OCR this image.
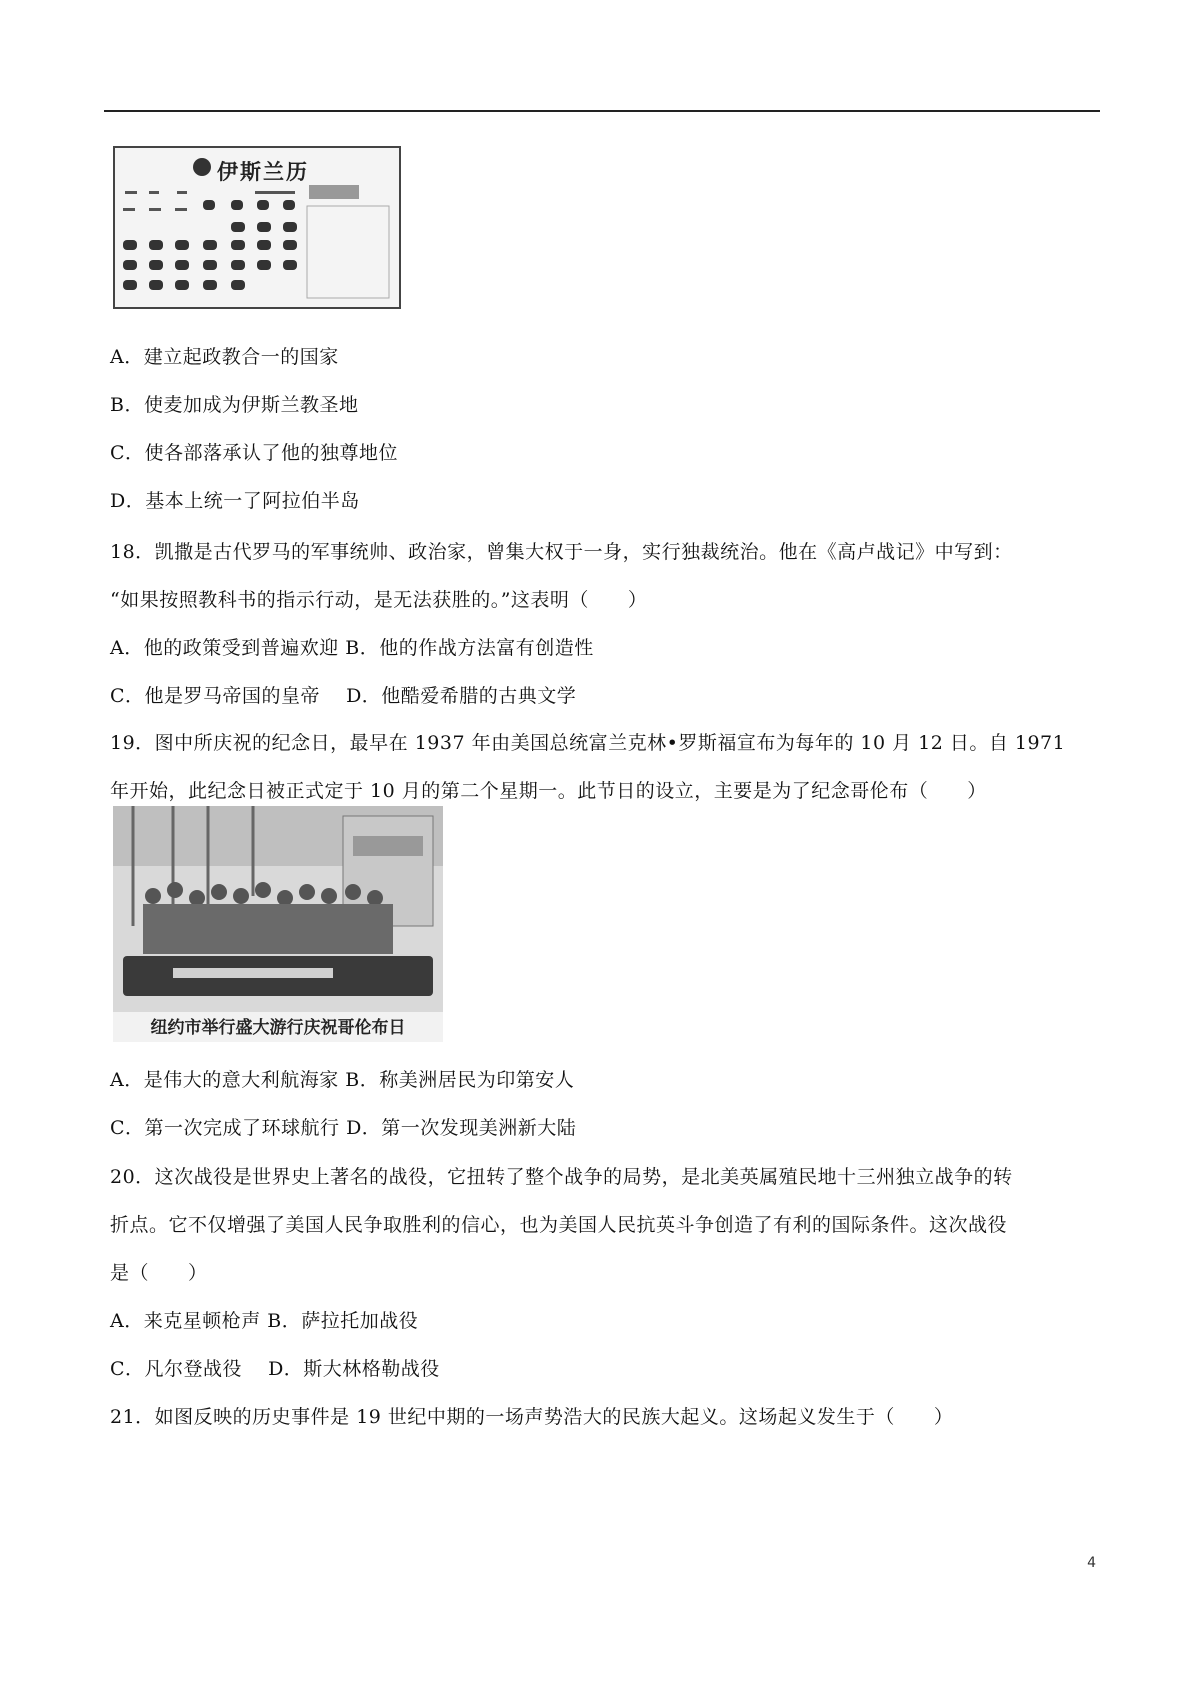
伊斯兰历
A．建立起政教合一的国家
B．使麦加成为伊斯兰教圣地
C．使各部落承认了他的独尊地位
D．基本上统一了阿拉伯半岛
18．凯撒是古代罗马的军事统帅、政治家，曾集大权于一身，实行独裁统治。他在《高卢战记》中写到：
“如果按照教科书的指示行动，是无法获胜的。”这表明（　　）
A．他的政策受到普遍欢迎 B．他的作战方法富有创造性
C．他是罗马帝国的皇帝　 D．他酷爱希腊的古典文学
19．图中所庆祝的纪念日，最早在 1937 年由美国总统富兰克林•罗斯福宣布为每年的 10 月 12 日。自 1971
年开始，此纪念日被正式定于 10 月的第二个星期一。此节日的设立，主要是为了纪念哥伦布（　　）
纽约市举行盛大游行庆祝哥伦布日
A．是伟大的意大利航海家 B．称美洲居民为印第安人
C．第一次完成了环球航行 D．第一次发现美洲新大陆
20．这次战役是世界史上著名的战役，它扭转了整个战争的局势，是北美英属殖民地十三州独立战争的转
折点。它不仅增强了美国人民争取胜利的信心，也为美国人民抗英斗争创造了有利的国际条件。这次战役
是（　　）
A．来克星顿枪声 B．萨拉托加战役
C．凡尔登战役　 D．斯大林格勒战役
21．如图反映的历史事件是 19 世纪中期的一场声势浩大的民族大起义。这场起义发生于（　　）
4
